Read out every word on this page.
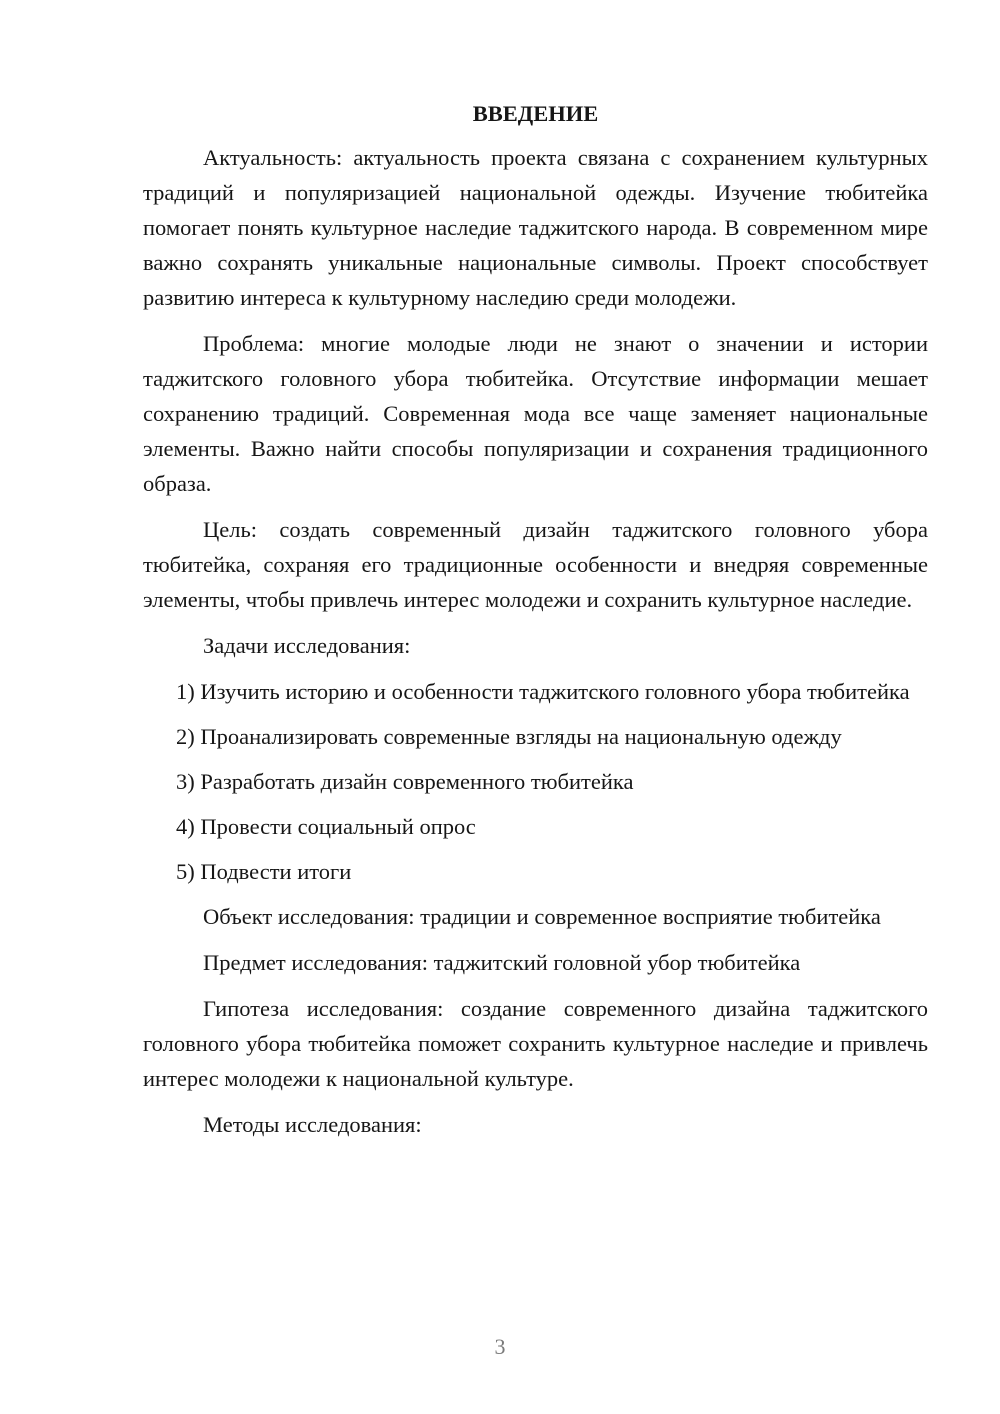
ВВЕДЕНИЕ

Актуальность: актуальность проекта связана с сохранением культурных традиций и популяризацией национальной одежды. Изучение тюбитейка помогает понять культурное наследие таджитского народа. В современном мире важно сохранять уникальные национальные символы. Проект способствует развитию интереса к культурному наследию среди молодежи.

Проблема: многие молодые люди не знают о значении и истории таджитского головного убора тюбитейка. Отсутствие информации мешает сохранению традиций. Современная мода все чаще заменяет национальные элементы. Важно найти способы популяризации и сохранения традиционного образа.

Цель: создать современный дизайн таджитского головного убора тюбитейка, сохраняя его традиционные особенности и внедряя современные элементы, чтобы привлечь интерес молодежи и сохранить культурное наследие.

Задачи исследования:

1) Изучить историю и особенности таджитского головного убора тюбитейка

2) Проанализировать современные взгляды на национальную одежду

3) Разработать дизайн современного тюбитейка

4) Провести социальный опрос

5) Подвести итоги

Объект исследования: традиции и современное восприятие тюбитейка

Предмет исследования: таджитский головной убор тюбитейка

Гипотеза исследования: создание современного дизайна таджитского головного убора тюбитейка поможет сохранить культурное наследие и привлечь интерес молодежи к национальной культуре.

Методы исследования:

3
